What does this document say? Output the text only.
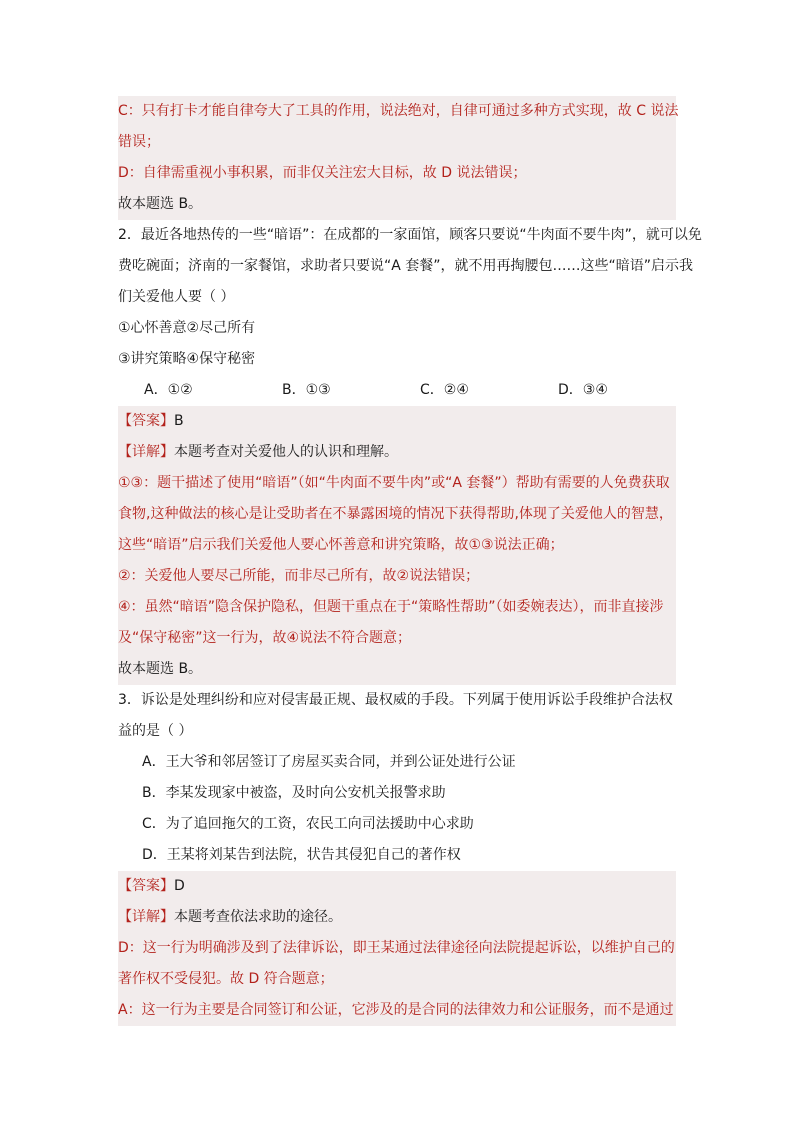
C：只有打卡才能自律夸大了工具的作用，说法绝对，自律可通过多种方式实现，故 C 说法
错误；
D：自律需重视小事积累，而非仅关注宏大目标，故 D 说法错误；
故本题选 B。
2．最近各地热传的一些“暗语”：在成都的一家面馆，顾客只要说“牛肉面不要牛肉”，就可以免
费吃碗面；济南的一家餐馆，求助者只要说“A 套餐”，就不用再掏腰包……这些“暗语”启示我
们关爱他人要（ ）
①心怀善意②尽己所有
③讲究策略④保守秘密
A．①②	B．①③	C．②④	D．③④
【答案】B
【详解】本题考查对关爱他人的认识和理解。
①③：题干描述了使用“暗语”（如“牛肉面不要牛肉”或“A 套餐”）帮助有需要的人免费获取
食物,这种做法的核心是让受助者在不暴露困境的情况下获得帮助,体现了关爱他人的智慧，
这些“暗语”启示我们关爱他人要心怀善意和讲究策略，故①③说法正确；
②：关爱他人要尽己所能，而非尽己所有，故②说法错误；
④：虽然“暗语”隐含保护隐私，但题干重点在于“策略性帮助”（如委婉表达），而非直接涉
及“保守秘密”这一行为，故④说法不符合题意；
故本题选 B。
3．诉讼是处理纠纷和应对侵害最正规、最权威的手段。下列属于使用诉讼手段维护合法权
益的是（ ）
A．王大爷和邻居签订了房屋买卖合同，并到公证处进行公证
B．李某发现家中被盗，及时向公安机关报警求助
C．为了追回拖欠的工资，农民工向司法援助中心求助
D．王某将刘某告到法院，状告其侵犯自己的著作权
【答案】D
【详解】本题考查依法求助的途径。
D：这一行为明确涉及到了法律诉讼，即王某通过法律途径向法院提起诉讼，以维护自己的
著作权不受侵犯。故 D 符合题意；
A：这一行为主要是合同签订和公证，它涉及的是合同的法律效力和公证服务，而不是通过
